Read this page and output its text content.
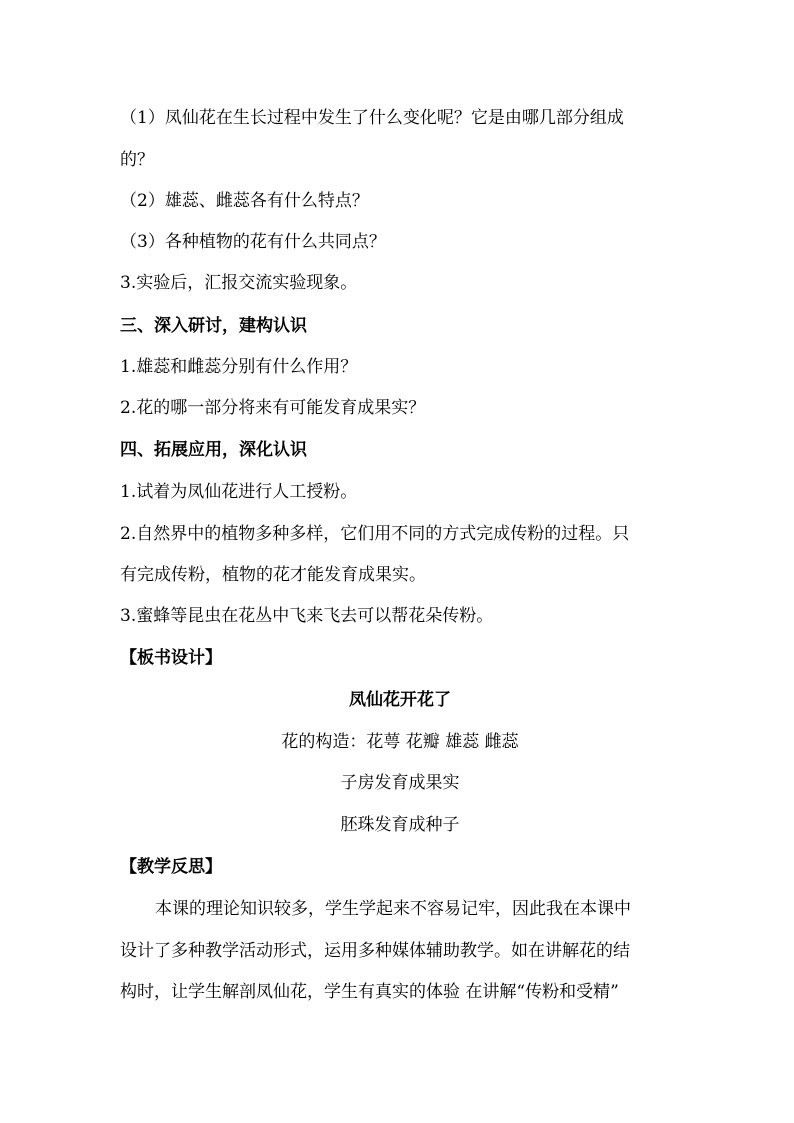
（1）凤仙花在生长过程中发生了什么变化呢？它是由哪几部分组成
的？
（2）雄蕊、雌蕊各有什么特点？
（3）各种植物的花有什么共同点？
3.实验后，汇报交流实验现象。
三、深入研讨，建构认识
1.雄蕊和雌蕊分别有什么作用？
2.花的哪一部分将来有可能发育成果实？
四、拓展应用，深化认识
1.试着为凤仙花进行人工授粉。
2.自然界中的植物多种多样，它们用不同的方式完成传粉的过程。只
有完成传粉，植物的花才能发育成果实。
3.蜜蜂等昆虫在花丛中飞来飞去可以帮花朵传粉。
【板书设计】
凤仙花开花了
花的构造：花萼 花瓣 雄蕊 雌蕊
子房发育成果实
胚珠发育成种子
【教学反思】
本课的理论知识较多，学生学起来不容易记牢，因此我在本课中
设计了多种教学活动形式，运用多种媒体辅助教学。如在讲解花的结
构时，让学生解剖凤仙花，学生有真实的体验 在讲解“传粉和受精”
